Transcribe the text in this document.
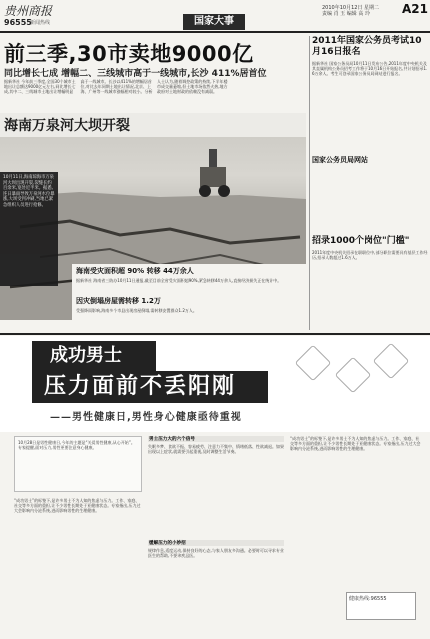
贵州商报
96555
新闻热线	国家大事
2010年10月12日 星期二
责编 肖 玉 编辑 高 玲	A21
前三季,30市卖地9000亿
同比增长七成 增幅二、三线城市高于一线城市,长沙 411%居首位
据新华社 今年前三季度,全国30个城市土地出让总额达9000亿元左右,同比增长七成,其中二、三线城市土地出让增幅明显高于一线城市。长沙以411%的增幅居首位,对比去年同期土地出让情况,北京、上海、广州等一线城市涨幅相对较小。分析人士认为,随着调控政策的持续,下半年楼市成交量萎缩,但土地市场依然火热,地方政府对土地财政的依赖没有减弱。
海南万泉河大坝开裂

10月11日,海南琼海市万泉河大坝出现开裂,裂缝长约百余米,宽处近半米。据悉,连日暴雨导致万泉河水位暴涨,大坝受到冲刷,当地已紧急组织人员进行抢修。

海南受灾面积超 90% 转移 44万余人
据新华社 海南省三防办10月11日通报,截至目前全省受灾面积超90%,紧急转移44万余人,直接经济损失正在统计中。
因灾倒塌房屋需转移 1.2万
受强降雨影响,海南多个市县出现房屋倒塌,需转移安置群众1.2万人。
2011年国家公务员考试10月16日报名
据新华社 国家公务员局10月11日发布公告,2011年度中央机关及其直属机构公务员招考工作将于10月16日开始报名,共计划招录1.6万余人。考生可登录国家公务员局网站进行报名。
国家公务员局网站
招录1000个岗位"门槛"
2011年度中央机关招录在职职位中,部分职位需要具有基层工作经历,招录人数超过1.6万人。
成功男士
压力面前不丢阳刚
——男性健康日,男性身心健康亟待重视
10月28日是男性健康日,今年的主题是“关爱男性健康,从心开始”。专家提醒,面对压力,男性更要注意身心健康。
“成功男士”的标签下,是许多男士不为人知的焦虑与压力。工作、家庭、社交等多方面的重担,让不少男性长期处于亚健康状态。专家指出,压力过大会影响内分泌系统,进而影响男性的生理健康。
男士压力大的六个信号
失眠多梦、食欲不振、容易疲劳、注意力不集中、情绪低落、性欲减退。如果出现以上症状,就需要引起重视,及时调整生活节奏。
缓解压力的小妙招
规律作息,适度运动,保持良好的心态,与家人朋友多沟通。必要时可以寻求专业医生的帮助,不要讳疾忌医。
“成功男士”的标签下,是许多男士不为人知的焦虑与压力。工作、家庭、社交等多方面的重担,让不少男性长期处于亚健康状态。专家指出,压力过大会影响内分泌系统,进而影响男性的生理健康。
健康热线:96555
